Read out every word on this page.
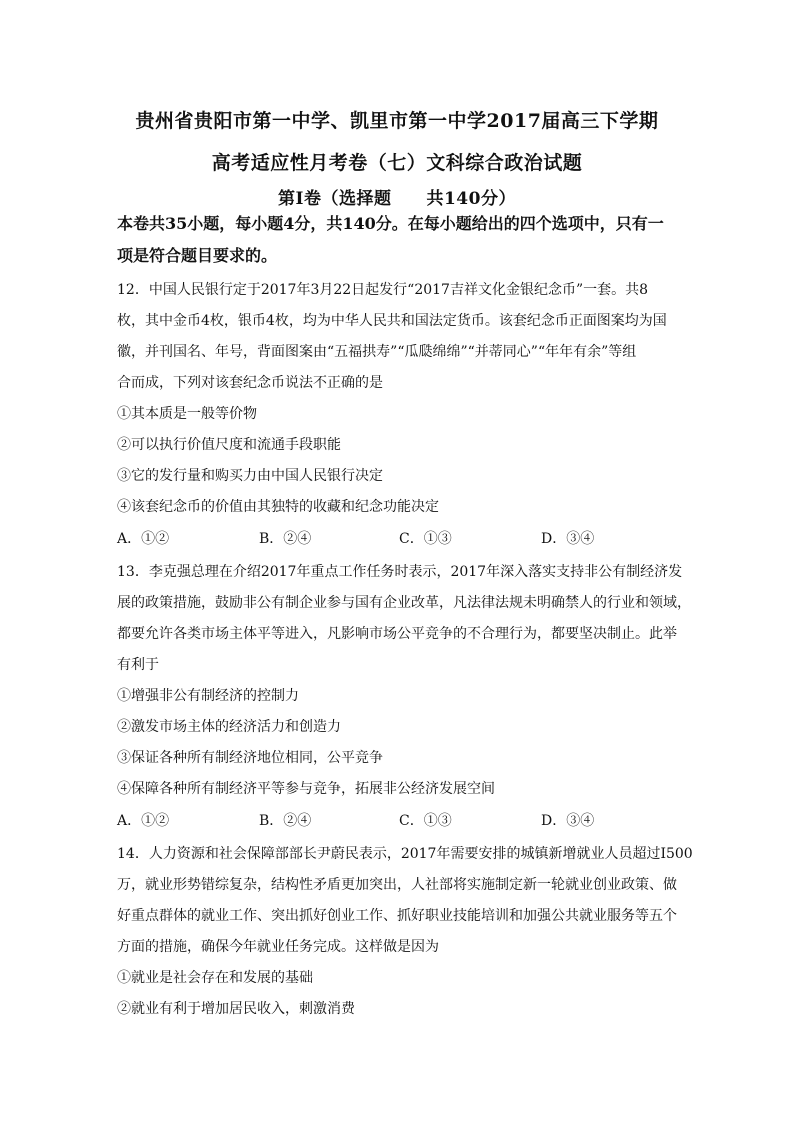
贵州省贵阳市第一中学、凯里市第一中学2017届高三下学期
高考适应性月考卷（七）文科综合政治试题
第Ⅰ卷（选择题　　共140分）
本卷共35小题，每小题4分，共140分。在每小题给出的四个选项中，只有一
项是符合题目要求的。
12．中国人民银行定于2017年3月22日起发行“2017吉祥文化金银纪念币”一套。共8
枚，其中金币4枚，银币4枚，均为中华人民共和国法定货币。该套纪念币正面图案均为国
徽，并刊国名、年号，背面图案由“五福拱寿”“瓜瓞绵绵”“并蒂同心”“年年有余”等组
合而成，下列对该套纪念币说法不正确的是
①其本质是一般等价物
②可以执行价值尺度和流通手段职能
③它的发行量和购买力由中国人民银行决定
④该套纪念币的价值由其独特的收藏和纪念功能决定
A．①②	B．②④	C．①③	D．③④
13．李克强总理在介绍2017年重点工作任务时表示，2017年深入落实支持非公有制经济发
展的政策措施，鼓励非公有制企业参与国有企业改革，凡法律法规未明确禁人的行业和领域，
都要允许各类市场主体平等进入，凡影响市场公平竞争的不合理行为，都要坚决制止。此举
有利于
①增强非公有制经济的控制力
②激发市场主体的经济活力和创造力
③保证各种所有制经济地位相同，公平竞争
④保障各种所有制经济平等参与竞争，拓展非公经济发展空间
A．①②	B．②④	C．①③	D．③④
14．人力资源和社会保障部部长尹蔚民表示，2017年需要安排的城镇新增就业人员超过I500
万，就业形势错综复杂，结构性矛盾更加突出，人社部将实施制定新一轮就业创业政策、做
好重点群体的就业工作、突出抓好创业工作、抓好职业技能培训和加强公共就业服务等五个
方面的措施，确保今年就业任务完成。这样做是因为
①就业是社会存在和发展的基础
②就业有利于增加居民收入，刺激消费
